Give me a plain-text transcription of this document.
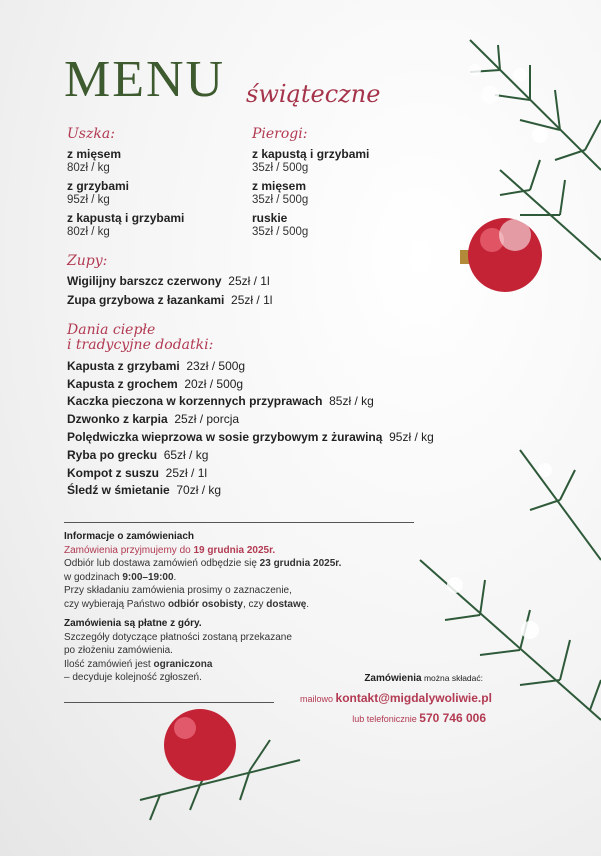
MENU świąteczne
Uszka:
z mięsem
80zł / kg
z grzybami
95zł / kg
z kapustą i grzybami
80zł / kg
Pierogi:
z kapustą i grzybami
35zł / 500g
z mięsem
35zł / 500g
ruskie
35zł / 500g
Zupy:
Wigilijny barszcz czerwony 25zł / 1l
Zupa grzybowa z łazankami 25zł / 1l
Dania ciepłe
i tradycyjne dodatki:
Kapusta z grzybami 23zł / 500g
Kapusta z grochem 20zł / 500g
Kaczka pieczona w korzennych przyprawach 85zł / kg
Dzwonko z karpia 25zł / porcja
Polędwiczka wieprzowa w sosie grzybowym z żurawiną 95zł / kg
Ryba po grecku 65zł / kg
Kompot z suszu 25zł / 1l
Śledź w śmietanie 70zł / kg
Informacje o zamówieniach
Zamówienia przyjmujemy do 19 grudnia 2025r.
Odbiór lub dostawa zamówień odbędzie się 23 grudnia 2025r.
w godzinach 9:00–19:00.
Przy składaniu zamówienia prosimy o zaznaczenie,
czy wybierają Państwo odbiór osobisty, czy dostawę.
Zamówienia są płatne z góry.
Szczegóły dotyczące płatności zostaną przekazane
po złożeniu zamówienia.
Ilość zamówień jest ograniczona
– decyduje kolejność zgłoszeń.	Zamówienia można składać:
mailowo kontakt@migdalywoliwie.pl
lub telefonicznie 570 746 006
